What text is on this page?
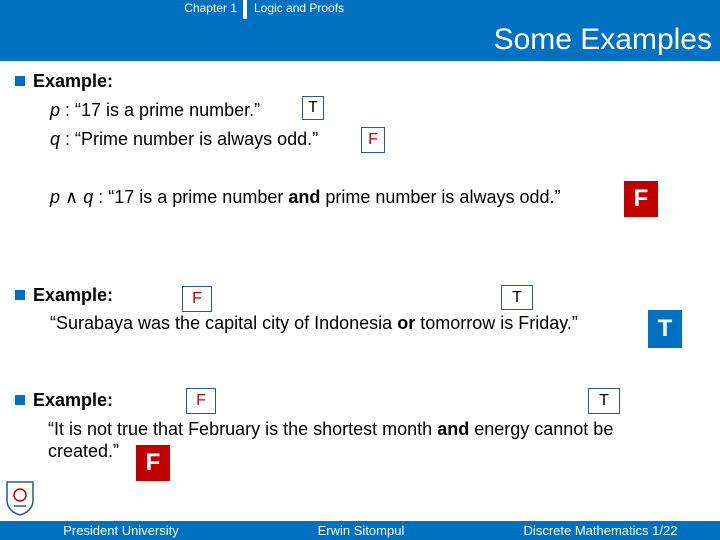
Chapter 1	Logic and Proofs
Some Examples
Example:
p : “17 is a prime number.”	T
q : “Prime number is always odd.”	F
p ∧ q : “17 is a prime number and prime number is always odd.”	F
Example:	F	T
“Surabaya was the capital city of Indonesia or tomorrow is Friday.”	T
Example:	F	T
“It is not true that February is the shortest month and energy cannot be
created.”	F
President University	Erwin Sitompul	Discrete Mathematics 1/22
